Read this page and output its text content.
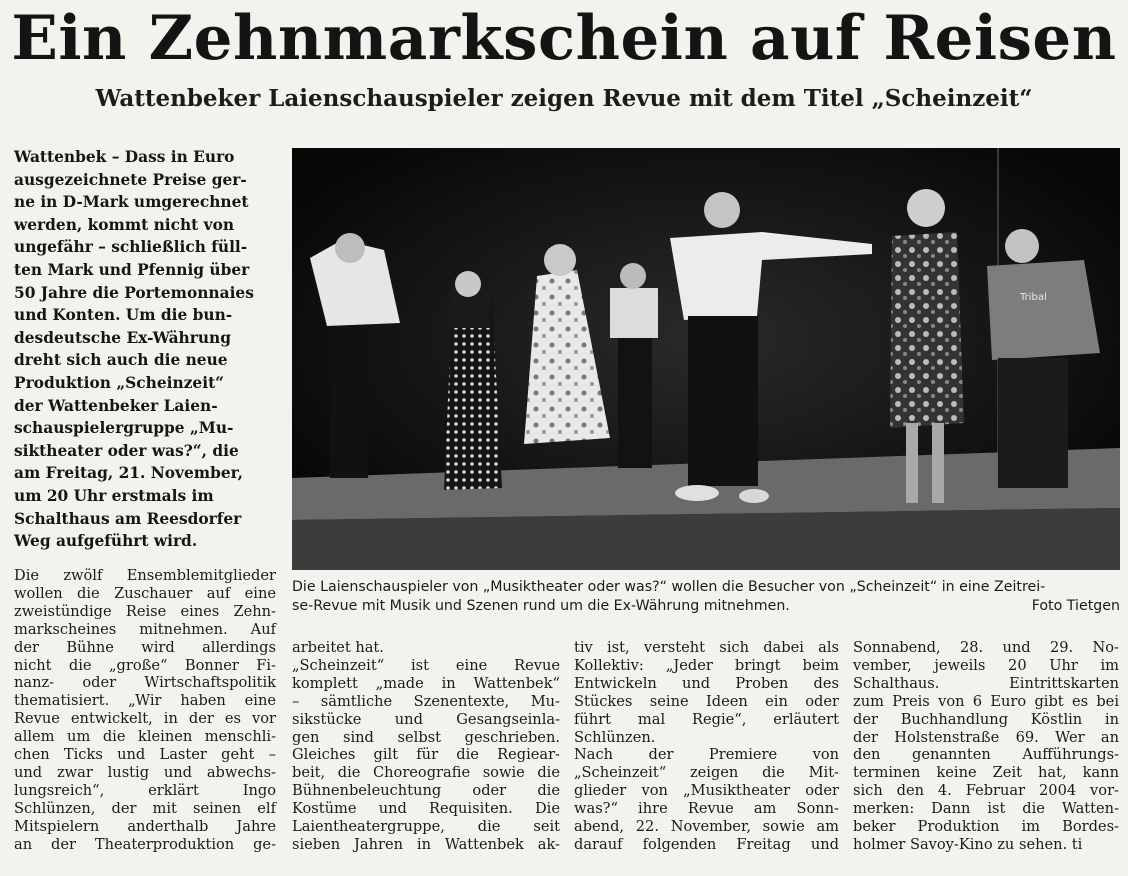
Ein Zehnmarkschein auf Reisen
Wattenbeker Laienschauspieler zeigen Revue mit dem Titel „Scheinzeit“
Wattenbek – Dass in Euro
ausgezeichnete Preise ger-
ne in D-Mark umgerechnet
werden, kommt nicht von
ungefähr – schließlich füll-
ten Mark und Pfennig über
50 Jahre die Portemonnaies
und Konten. Um die bun-
desdeutsche Ex-Währung
dreht sich auch die neue
Produktion „Scheinzeit“
der Wattenbeker Laien-
schauspielergruppe „Mu-
siktheater oder was?“, die
am Freitag, 21. November,
um 20 Uhr erstmals im
Schalthaus am Reesdorfer
Weg aufgeführt wird.
Tribal
Die Laienschauspieler von „Musiktheater oder was?“ wollen die Besucher von „Scheinzeit“ in eine Zeitrei-
se-Revue mit Musik und Szenen rund um die Ex-Währung mitnehmen.	Foto Tietgen
Die zwölf Ensemblemitglieder
wollen die Zuschauer auf eine
zweistündige Reise eines Zehn-
markscheines mitnehmen. Auf
der Bühne wird allerdings
nicht die „große“ Bonner Fi-
nanz- oder Wirtschaftspolitik
thematisiert. „Wir haben eine
Revue entwickelt, in der es vor
allem um die kleinen menschli-
chen Ticks und Laster geht –
und zwar lustig und abwechs-
lungsreich“, erklärt Ingo
Schlünzen, der mit seinen elf
Mitspielern anderthalb Jahre
an der Theaterproduktion ge-
arbeitet hat.
„Scheinzeit“ ist eine Revue
komplett „made in Wattenbek“
– sämtliche Szenentexte, Mu-
sikstücke und Gesangseinla-
gen sind selbst geschrieben.
Gleiches gilt für die Regiear-
beit, die Choreografie sowie die
Bühnenbeleuchtung oder die
Kostüme und Requisiten. Die
Laientheatergruppe, die seit
sieben Jahren in Wattenbek ak-
tiv ist, versteht sich dabei als
Kollektiv: „Jeder bringt beim
Entwickeln und Proben des
Stückes seine Ideen ein oder
führt mal Regie“, erläutert
Schlünzen.
Nach der Premiere von
„Scheinzeit“ zeigen die Mit-
glieder von „Musiktheater oder
was?“ ihre Revue am Sonn-
abend, 22. November, sowie am
darauf folgenden Freitag und
Sonnabend, 28. und 29. No-
vember, jeweils 20 Uhr im
Schalthaus. Eintrittskarten
zum Preis von 6 Euro gibt es bei
der Buchhandlung Köstlin in
der Holstenstraße 69. Wer an
den genannten Aufführungs-
terminen keine Zeit hat, kann
sich den 4. Februar 2004 vor-
merken: Dann ist die Watten-
beker Produktion im Bordes-
holmer Savoy-Kino zu sehen. ti
